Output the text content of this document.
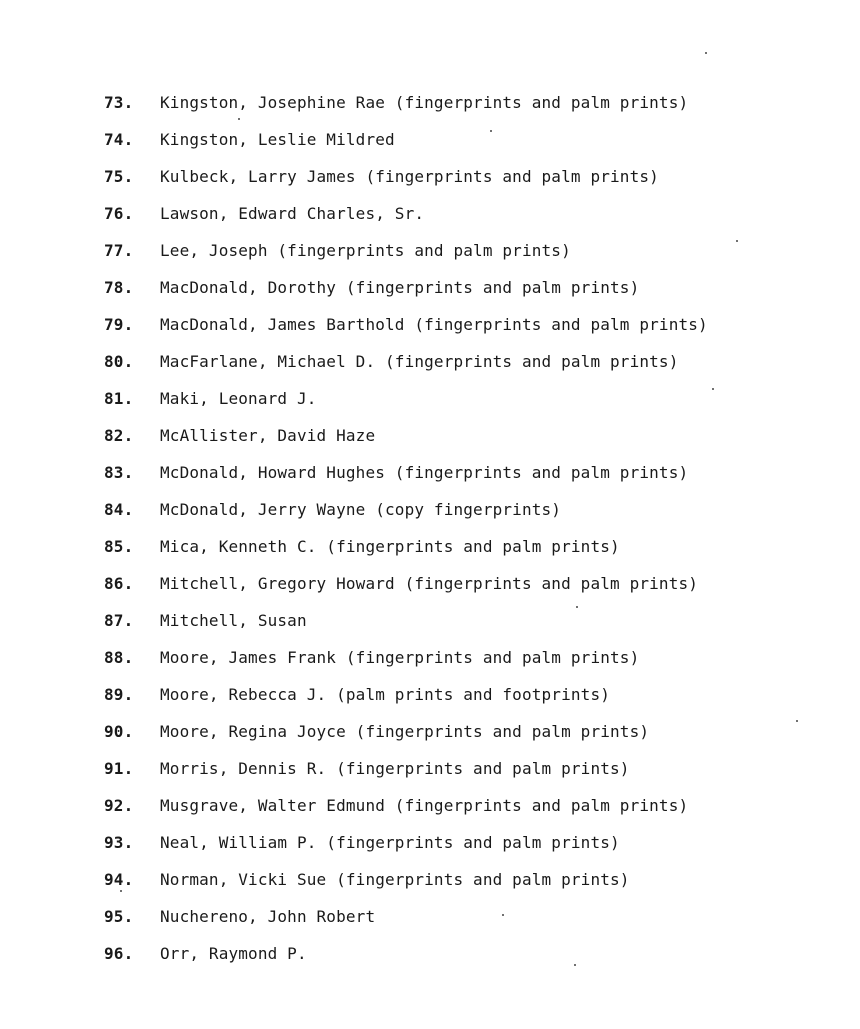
73.	Kingston, Josephine Rae (fingerprints and palm prints)
74.	Kingston, Leslie Mildred
75.	Kulbeck, Larry James (fingerprints and palm prints)
76.	Lawson, Edward Charles, Sr.
77.	Lee, Joseph (fingerprints and palm prints)
78.	MacDonald, Dorothy (fingerprints and palm prints)
79.	MacDonald, James Barthold (fingerprints and palm prints)
80.	MacFarlane, Michael D. (fingerprints and palm prints)
81.	Maki, Leonard J.
82.	McAllister, David Haze
83.	McDonald, Howard Hughes (fingerprints and palm prints)
84.	McDonald, Jerry Wayne (copy fingerprints)
85.	Mica, Kenneth C. (fingerprints and palm prints)
86.	Mitchell, Gregory Howard (fingerprints and palm prints)
87.	Mitchell, Susan
88.	Moore, James Frank (fingerprints and palm prints)
89.	Moore, Rebecca J. (palm prints and footprints)
90.	Moore, Regina Joyce (fingerprints and palm prints)
91.	Morris, Dennis R. (fingerprints and palm prints)
92.	Musgrave, Walter Edmund (fingerprints and palm prints)
93.	Neal, William P. (fingerprints and palm prints)
94.	Norman, Vicki Sue (fingerprints and palm prints)
95.	Nuchereno, John Robert
96.	Orr, Raymond P.
